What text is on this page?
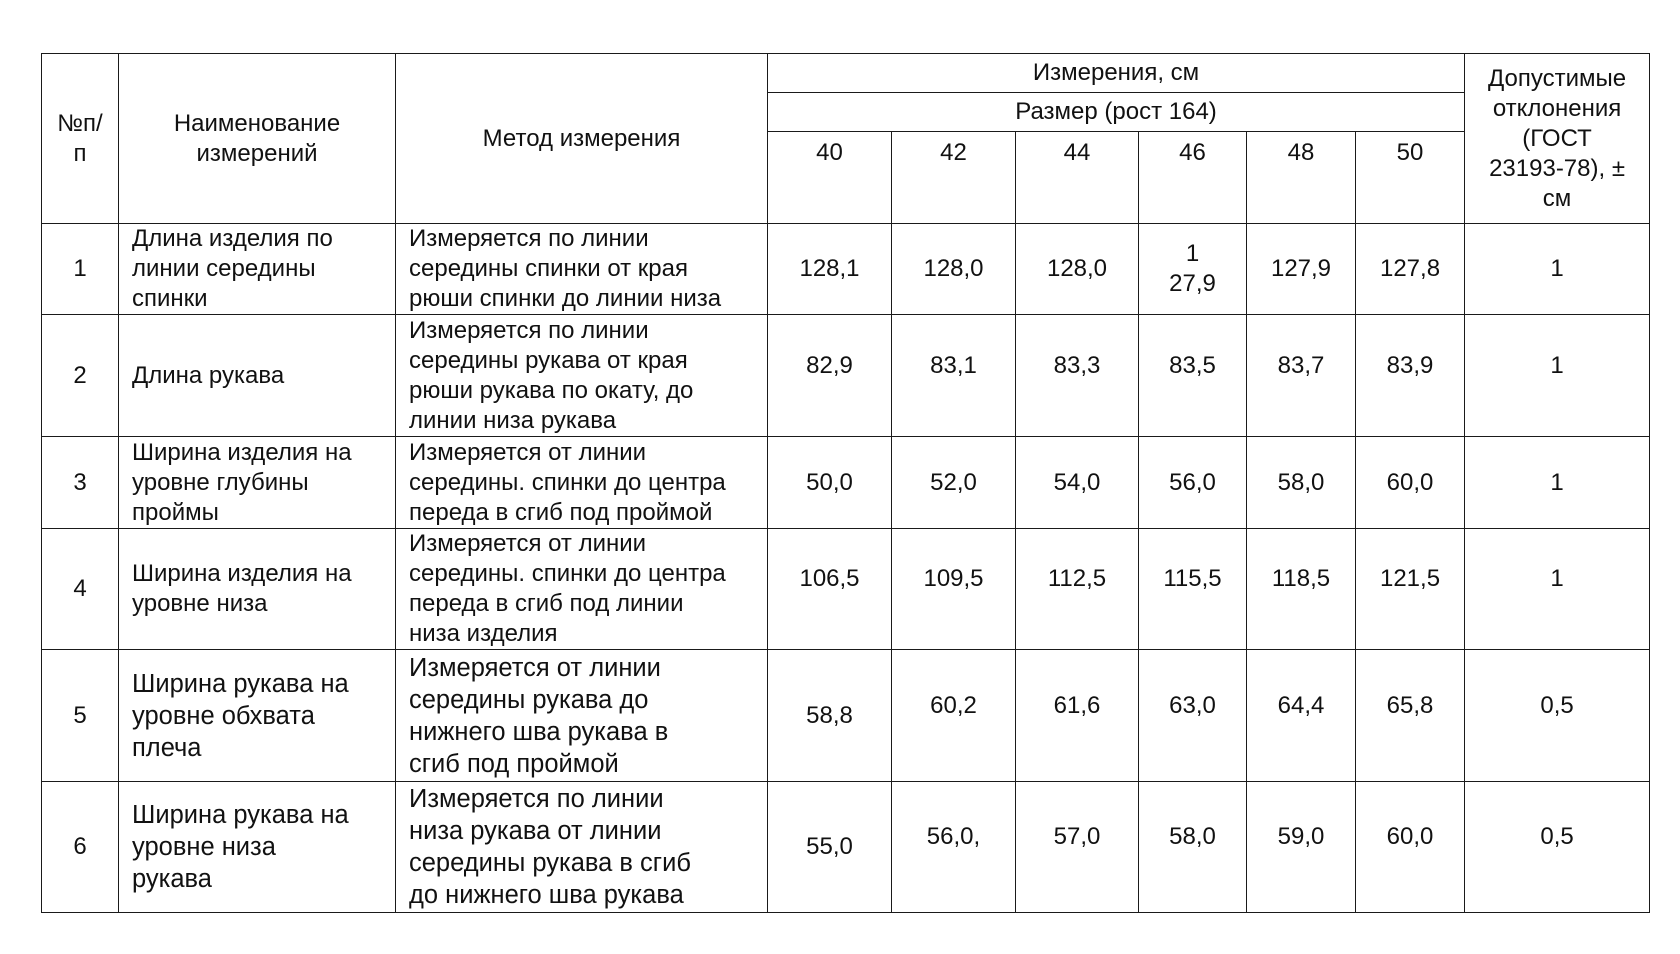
№п/
п	Наименование
измерений	Метод измерения	Измерения, см						Допустимые
отклонения
(ГОСТ
23193-78), ±
см
			Размер (рост 164)						
			40	42	44	46	48	50	
1	Длина изделия по
линии середины
спинки	Измеряется по линии
середины спинки от края
рюши спинки до линии низа	128,1	128,0	128,0	1
27,9	127,9	127,8	1
2	Длина рукава	Измеряется по линии
середины рукава от края
рюши рукава по окату, до
линии низа рукава	82,9	83,1	83,3	83,5	83,7	83,9	1
3	Ширина изделия на
уровне глубины
проймы	Измеряется от линии
середины. спинки до центра
переда в сгиб под проймой	50,0	52,0	54,0	56,0	58,0	60,0	1
4	Ширина изделия на
уровне низа	Измеряется от линии
середины. спинки до центра
переда в сгиб под линии
низа изделия	106,5	109,5	112,5	115,5	118,5	121,5	1
5	Ширина рукава на
уровне обхвата
плеча	Измеряется от линии
середины рукава до
нижнего шва рукава в
сгиб под проймой	58,8	60,2	61,6	63,0	64,4	65,8	0,5
6	Ширина рукава на
уровне низа
рукава	Измеряется по линии
низа рукава от линии
середины рукава в сгиб
до нижнего шва рукава	55,0	56,0,	57,0	58,0	59,0	60,0	0,5
